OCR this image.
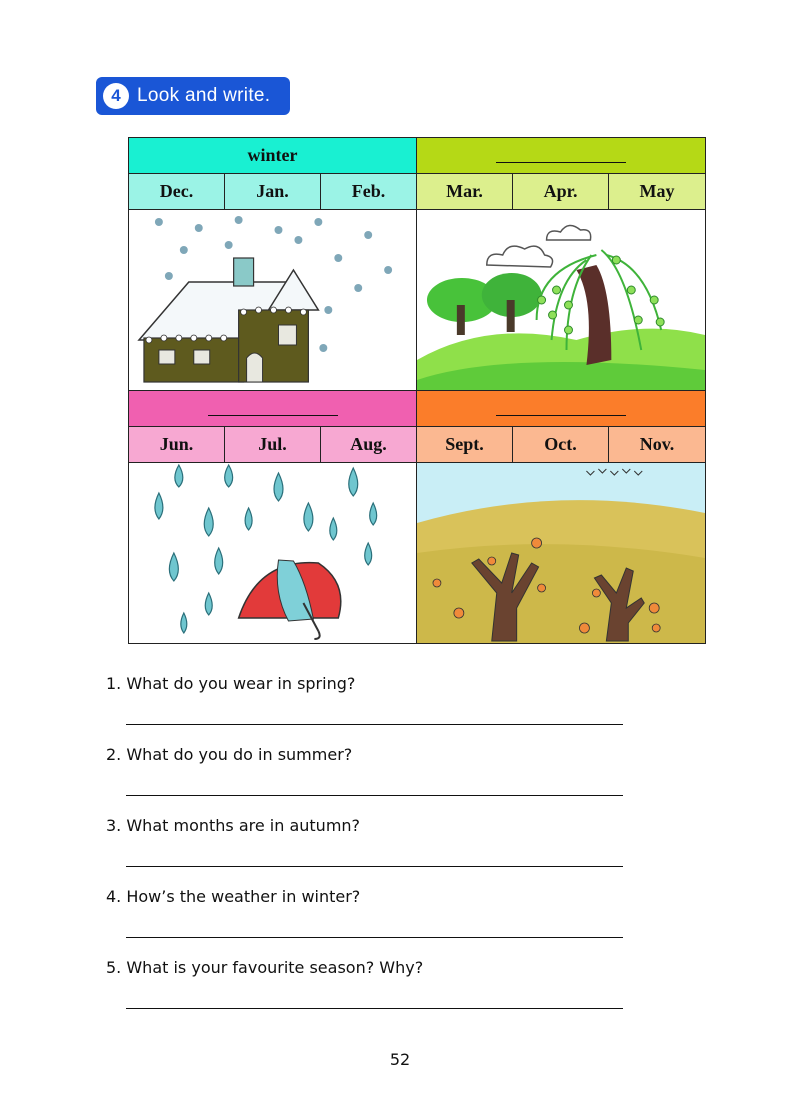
4 Look and write.
winter					
Dec.	Jan.	Feb.	Mar.	Apr.	May

Jun.	Jul.	Aug.	Sept.	Oct.	Nov.

1. What do you wear in spring?
2. What do you do in summer?
3. What months are in autumn?
4. How’s the weather in winter?
5. What is your favourite season? Why?
52
